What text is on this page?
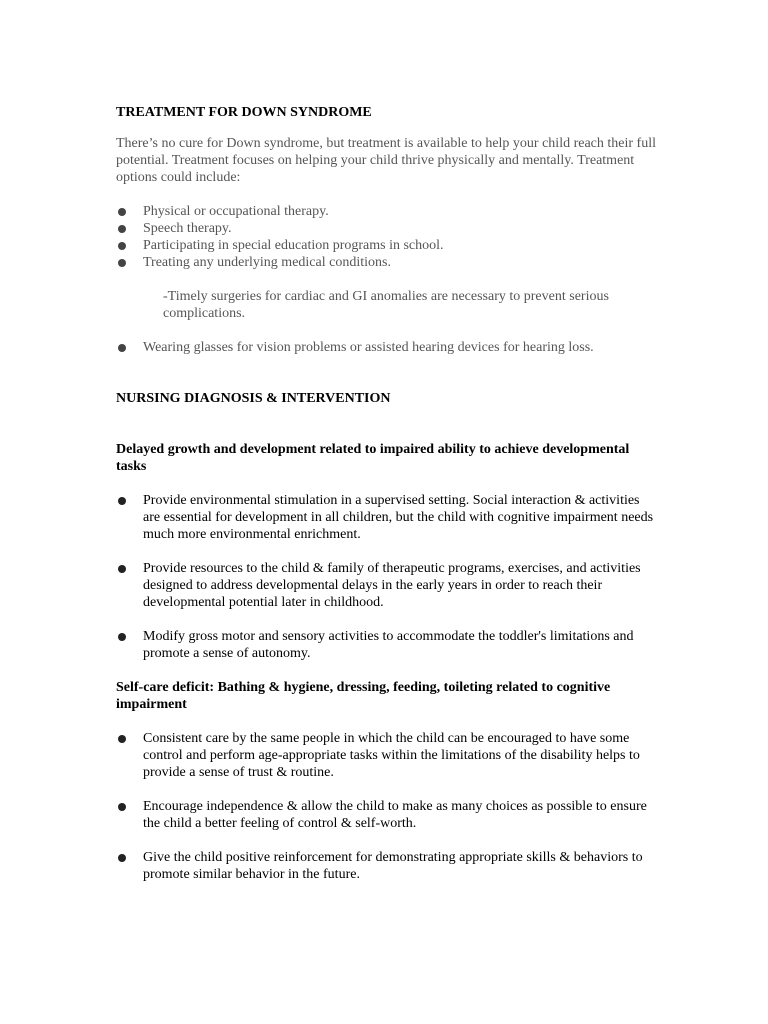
TREATMENT FOR DOWN SYNDROME

There’s no cure for Down syndrome, but treatment is available to help your child reach their full potential. Treatment focuses on helping your child thrive physically and mentally. Treatment options could include:

Physical or occupational therapy.
Speech therapy.
Participating in special education programs in school.
Treating any underlying medical conditions.

-Timely surgeries for cardiac and GI anomalies are necessary to prevent serious complications.

Wearing glasses for vision problems or assisted hearing devices for hearing loss.
NURSING DIAGNOSIS & INTERVENTION
Delayed growth and development related to impaired ability to achieve developmental tasks
Provide environmental stimulation in a supervised setting. Social interaction & activities are essential for development in all children, but the child with cognitive impairment needs much more environmental enrichment.
Provide resources to the child & family of therapeutic programs, exercises, and activities designed to address developmental delays in the early years in order to reach their developmental potential later in childhood.
Modify gross motor and sensory activities to accommodate the toddler's limitations and promote a sense of autonomy.
Self-care deficit: Bathing & hygiene, dressing, feeding, toileting related to cognitive impairment
Consistent care by the same people in which the child can be encouraged to have some control and perform age-appropriate tasks within the limitations of the disability helps to provide a sense of trust & routine.
Encourage independence & allow the child to make as many choices as possible to ensure the child a better feeling of control & self-worth.
Give the child positive reinforcement for demonstrating appropriate skills & behaviors to promote similar behavior in the future.
